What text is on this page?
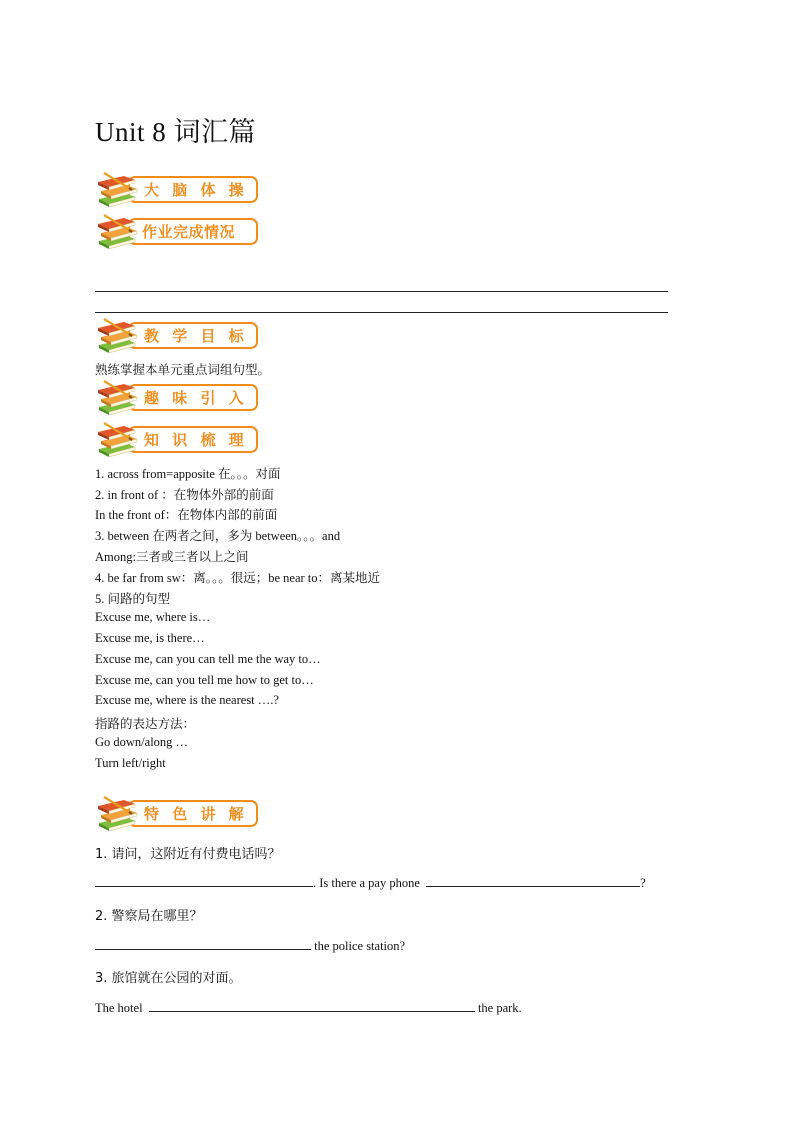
Unit 8 词汇篇
大 脑 体 操
作业完成情况
教 学 目 标
熟练掌握本单元重点词组句型。
趣 味 引 入
知 识 梳 理
1. across from=apposite 在。。。对面
2. in front of ：在物体外部的前面
In the front of：在物体内部的前面
3. between 在两者之间，多为 between。。。and
Among:三者或三者以上之间
4. be far from sw：离。。。很远；be near to：离某地近
5. 问路的句型
Excuse me, where is…
Excuse me, is there…
Excuse me, can you can tell me the way to…
Excuse me, can you tell me how to get to…
Excuse me, where is the nearest ….?
指路的表达方法：
Go down/along …
Turn left/right
特 色 讲 解
1. 请问，这附近有付费电话吗？
. Is there a pay phone	?
2. 警察局在哪里？
the police station?
3. 旅馆就在公园的对面。
The hotel	the park.
